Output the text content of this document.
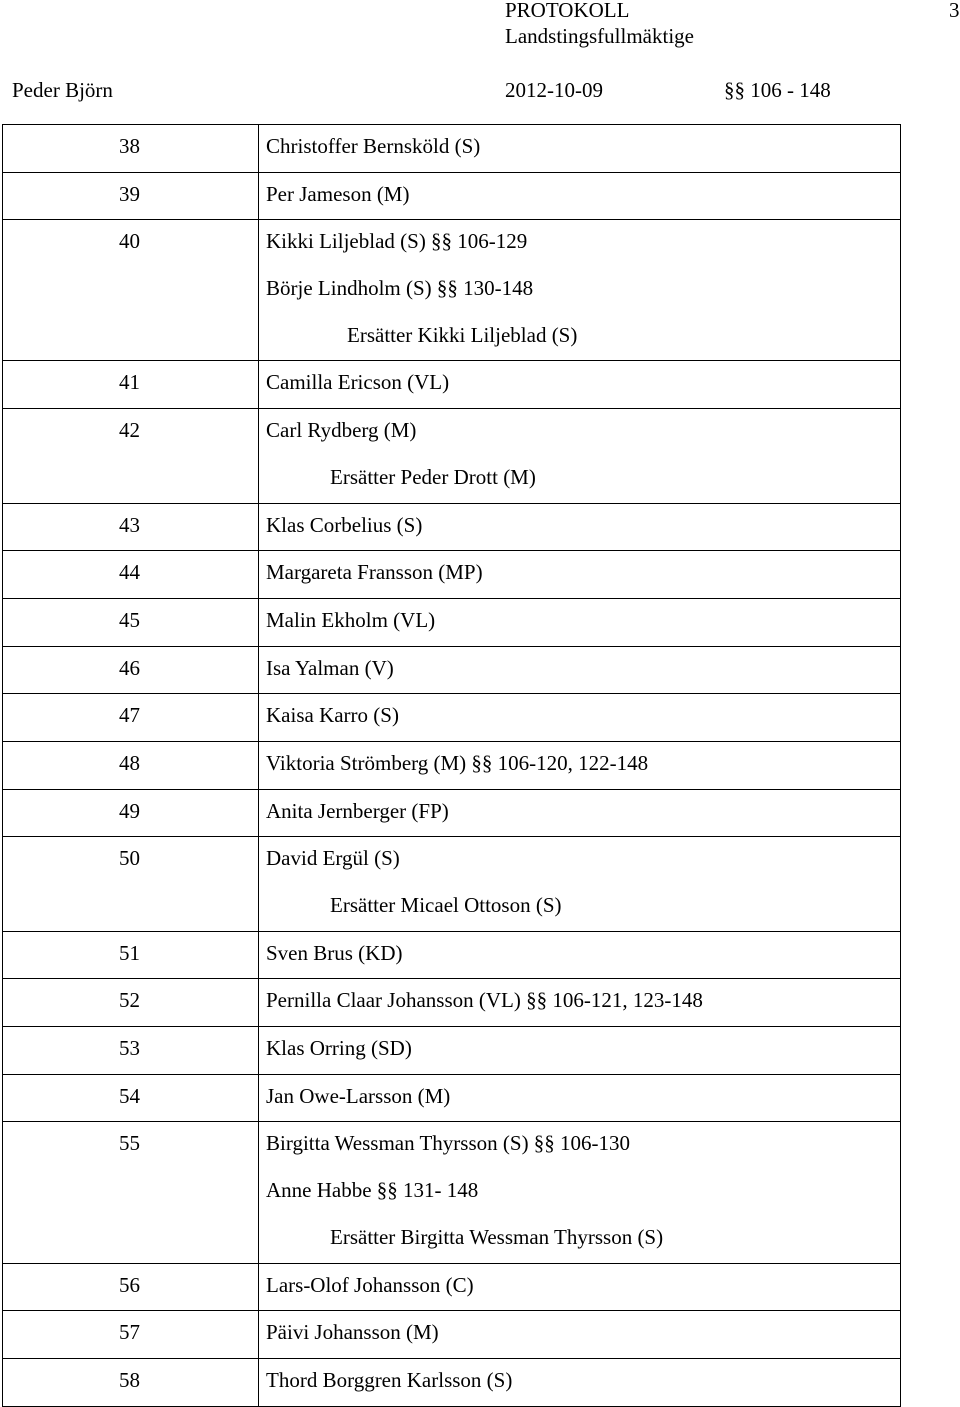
PROTOKOLL	3
Landstingsfullmäktige
Peder Björn	2012-10-09	§§ 106 - 148
38	Christoffer Bernsköld (S)
39	Per Jameson (M)
40	Kikki Liljeblad (S) §§ 106-129
Börje Lindholm (S) §§ 130-148
Ersätter Kikki Liljeblad (S)
41	Camilla Ericson (VL)
42	Carl Rydberg (M)
Ersätter Peder Drott (M)
43	Klas Corbelius (S)
44	Margareta Fransson (MP)
45	Malin Ekholm (VL)
46	Isa Yalman (V)
47	Kaisa Karro (S)
48	Viktoria Strömberg (M) §§ 106-120, 122-148
49	Anita Jernberger (FP)
50	David Ergül (S)
Ersätter Micael Ottoson (S)
51	Sven Brus (KD)
52	Pernilla Claar Johansson (VL) §§ 106-121, 123-148
53	Klas Orring (SD)
54	Jan Owe-Larsson (M)
55	Birgitta Wessman Thyrsson (S) §§ 106-130
Anne Habbe §§ 131- 148
Ersätter Birgitta Wessman Thyrsson (S)
56	Lars-Olof Johansson (C)
57	Päivi Johansson (M)
58	Thord Borggren Karlsson (S)
